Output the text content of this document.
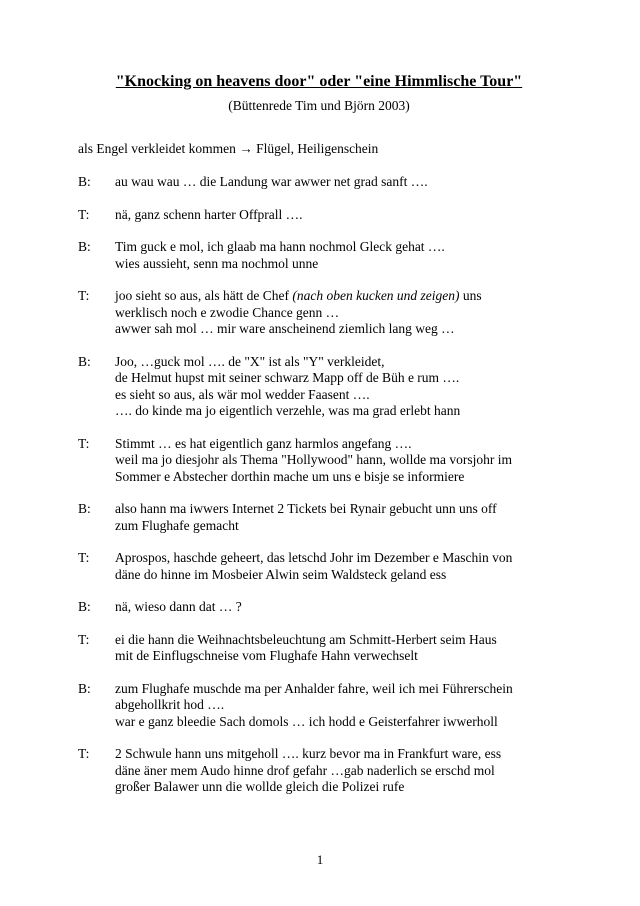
"Knocking on heavens door" oder "eine Himmlische Tour"
(Büttenrede Tim und Björn 2003)
als Engel verkleidet kommen → Flügel, Heiligenschein
B:	au wau wau … die Landung war awwer net grad sanft ….
T:	nä, ganz schenn harter Offprall ….
B:	Tim guck e mol, ich glaab ma hann nochmol Gleck gehat ….
wies aussieht, senn ma nochmol unne
T:	joo sieht so aus, als hätt de Chef (nach oben kucken und zeigen) uns
werklisch noch e zwodie Chance genn …
awwer sah mol … mir ware anscheinend ziemlich lang weg …
B:	Joo, …guck mol …. de "X" ist als "Y" verkleidet,
de Helmut hupst mit seiner schwarz Mapp off de Büh e rum ….
es sieht so aus, als wär mol wedder Faasent ….
…. do kinde ma jo eigentlich verzehle, was ma grad erlebt hann
T:	Stimmt … es hat eigentlich ganz harmlos angefang ….
weil ma jo diesjohr als Thema "Hollywood" hann, wollde ma vorsjohr im
Sommer e Abstecher dorthin mache um uns e bisje se informiere
B:	also hann ma iwwers Internet 2 Tickets bei Rynair gebucht unn uns off
zum Flughafe gemacht
T:	Aprospos, haschde geheert, das letschd Johr im Dezember e Maschin von
däne do hinne im Mosbeier Alwin seim Waldsteck geland ess
B:	nä, wieso dann dat … ?
T:	ei die hann die Weihnachtsbeleuchtung am Schmitt-Herbert seim Haus
mit de Einflugschneise vom Flughafe Hahn verwechselt
B:	zum Flughafe muschde ma per Anhalder fahre, weil ich mei Führerschein
abgehollkrit hod ….
war e ganz bleedie Sach domols … ich hodd e Geisterfahrer iwwerholl
T:	2 Schwule hann uns mitgeholl …. kurz bevor ma in Frankfurt ware, ess
däne äner mem Audo hinne drof gefahr …gab naderlich se erschd mol
großer Balawer unn die wollde gleich die Polizei rufe
1
